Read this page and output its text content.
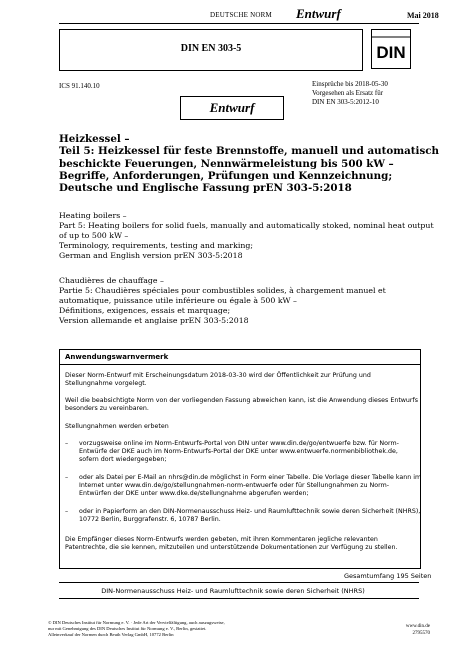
DEUTSCHE NORM Entwurf	Mai 2018
DIN EN 303-5	DIN
ICS 91.140.10	Einsprüche bis 2018-05-30
Vorgesehen als Ersatz für
DIN EN 303-5:2012-10
Entwurf
Heizkessel –
Teil 5: Heizkessel für feste Brennstoffe, manuell und automatisch
beschickte Feuerungen, Nennwärmeleistung bis 500 kW –
Begriffe, Anforderungen, Prüfungen und Kennzeichnung;
Deutsche und Englische Fassung prEN 303-5:2018
Heating boilers –
Part 5: Heating boilers for solid fuels, manually and automatically stoked, nominal heat output
of up to 500 kW –
Terminology, requirements, testing and marking;
German and English version prEN 303-5:2018
Chaudières de chauffage –
Partie 5: Chaudières spéciales pour combustibles solides, à chargement manuel et
automatique, puissance utile inférieure ou égale à 500 kW –
Définitions, exigences, essais et marquage;
Version allemande et anglaise prEN 303-5:2018
Anwendungswarnvermerk
Dieser Norm-Entwurf mit Erscheinungsdatum 2018-03-30 wird der Öffentlichkeit zur Prüfung und
Stellungnahme vorgelegt.
Weil die beabsichtigte Norm von der vorliegenden Fassung abweichen kann, ist die Anwendung dieses Entwurfs
besonders zu vereinbaren.
Stellungnahmen werden erbeten
– vorzugsweise online im Norm-Entwurfs-Portal von DIN unter www.din.de/go/entwuerfe bzw. für Norm-
Entwürfe der DKE auch im Norm-Entwurfs-Portal der DKE unter www.entwuerfe.normenbibliothek.de,
sofern dort wiedergegeben;
– oder als Datei per E-Mail an nhrs@din.de möglichst in Form einer Tabelle. Die Vorlage dieser Tabelle kann im
Internet unter www.din.de/go/stellungnahmen-norm-entwuerfe oder für Stellungnahmen zu Norm-
Entwürfen der DKE unter www.dke.de/stellungnahme abgerufen werden;
– oder in Papierform an den DIN-Normenausschuss Heiz- und Raumlufttechnik sowie deren Sicherheit (NHRS),
10772 Berlin, Burggrafenstr. 6, 10787 Berlin.
Die Empfänger dieses Norm-Entwurfs werden gebeten, mit ihren Kommentaren jegliche relevanten
Patentrechte, die sie kennen, mitzuteilen und unterstützende Dokumentationen zur Verfügung zu stellen.
Gesamtumfang 195 Seiten
DIN-Normenausschuss Heiz- und Raumlufttechnik sowie deren Sicherheit (NHRS)
© DIN Deutsches Institut für Normung e. V. · Jede Art der Vervielfältigung, auch auszugsweise,
nur mit Genehmigung des DIN Deutsches Institut für Normung e. V., Berlin, gestattet.
Alleinverkauf der Normen durch Beuth Verlag GmbH, 10772 Berlin
www.din.de
2795570
